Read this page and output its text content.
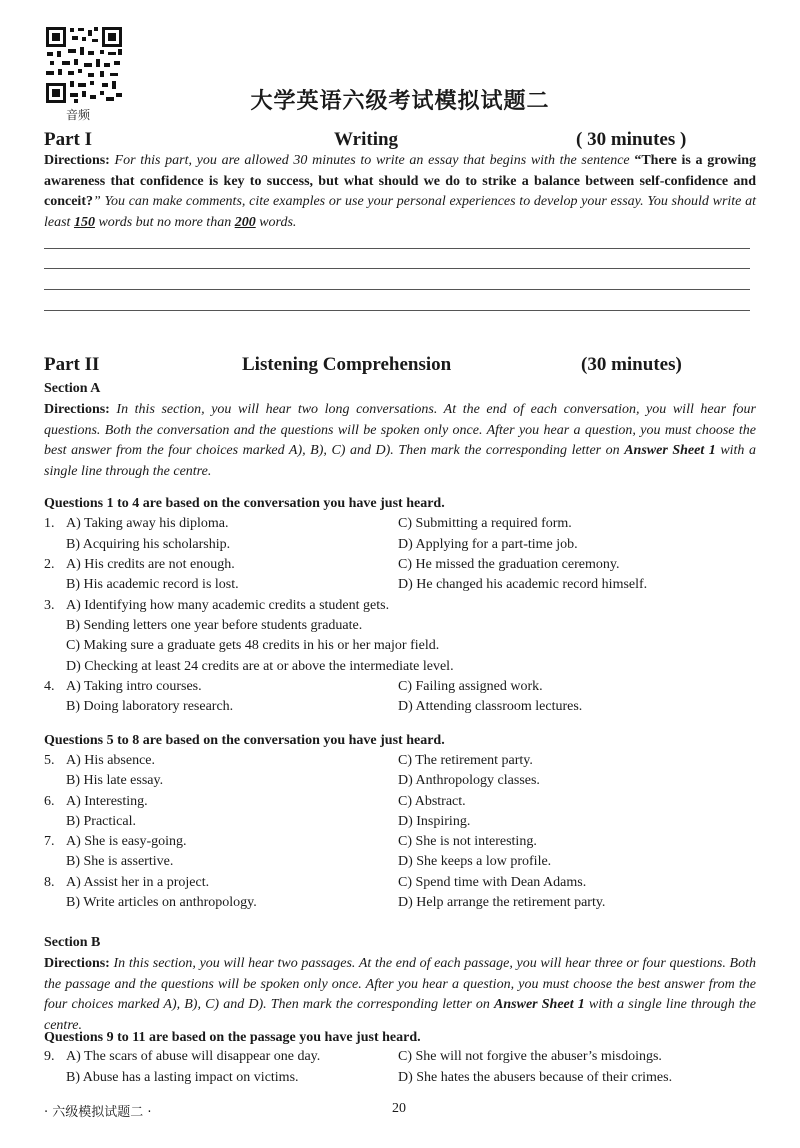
音频
大学英语六级考试模拟试题二
Part I	Writing	( 30 minutes )
Directions: For this part, you are allowed 30 minutes to write an essay that begins with the sentence “There is a growing awareness that confidence is key to success, but what should we do to strike a balance between self-confidence and conceit?” You can make comments, cite examples or use your personal experiences to develop your essay. You should write at least 150 words but no more than 200 words.
Part II	Listening Comprehension	(30 minutes)
Section A
Directions: In this section, you will hear two long conversations. At the end of each conversation, you will hear four questions. Both the conversation and the questions will be spoken only once. After you hear a question, you must choose the best answer from the four choices marked A), B), C) and D). Then mark the corresponding letter on Answer Sheet 1 with a single line through the centre.
Questions 1 to 4 are based on the conversation you have just heard.
1. A) Taking away his diploma.	C) Submitting a required form.
B) Acquiring his scholarship.	D) Applying for a part-time job.
2. A) His credits are not enough.	C) He missed the graduation ceremony.
B) His academic record is lost.	D) He changed his academic record himself.
3. A) Identifying how many academic credits a student gets.
B) Sending letters one year before students graduate.
C) Making sure a graduate gets 48 credits in his or her major field.
D) Checking at least 24 credits are at or above the intermediate level.
4. A) Taking intro courses.	C) Failing assigned work.
B) Doing laboratory research.	D) Attending classroom lectures.
Questions 5 to 8 are based on the conversation you have just heard.
5. A) His absence.	C) The retirement party.
B) His late essay.	D) Anthropology classes.
6. A) Interesting.	C) Abstract.
B) Practical.	D) Inspiring.
7. A) She is easy-going.	C) She is not interesting.
B) She is assertive.	D) She keeps a low profile.
8. A) Assist her in a project.	C) Spend time with Dean Adams.
B) Write articles on anthropology.	D) Help arrange the retirement party.
Section B
Directions: In this section, you will hear two passages. At the end of each passage, you will hear three or four questions. Both the passage and the questions will be spoken only once. After you hear a question, you must choose the best answer from the four choices marked A), B), C) and D). Then mark the corresponding letter on Answer Sheet 1 with a single line through the centre.
Questions 9 to 11 are based on the passage you have just heard.
9. A) The scars of abuse will disappear one day.	C) She will not forgive the abuser’s misdoings.
B) Abuse has a lasting impact on victims.	D) She hates the abusers because of their crimes.
· 六级模拟试题二 ·	20
